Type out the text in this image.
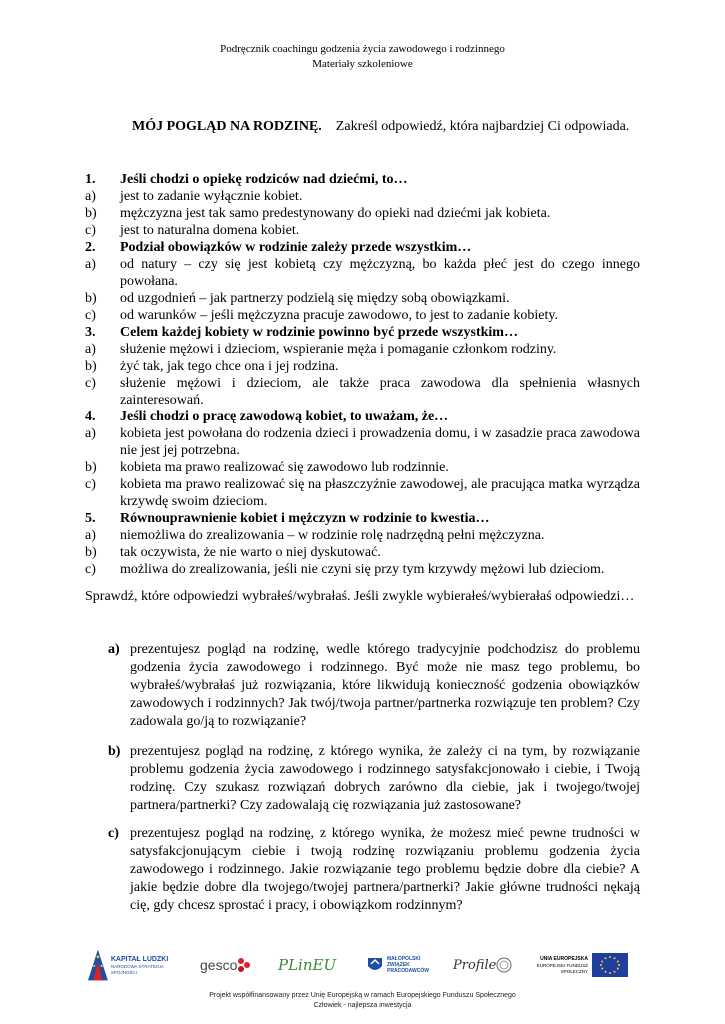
Podręcznik coachingu godzenia życia zawodowego i rodzinnego
Materiały szkoleniowe
MÓJ POGLĄD NA RODZINĘ. Zakreśl odpowiedź, która najbardziej Ci odpowiada.
1. Jeśli chodzi o opiekę rodziców nad dziećmi, to…
a) jest to zadanie wyłącznie kobiet.
b) mężczyzna jest tak samo predestynowany do opieki nad dziećmi jak kobieta.
c) jest to naturalna domena kobiet.
2. Podział obowiązków w rodzinie zależy przede wszystkim…
a) od natury – czy się jest kobietą czy mężczyzną, bo każda płeć jest do czego innego powołana.
b) od uzgodnień – jak partnerzy podzielą się między sobą obowiązkami.
c) od warunków – jeśli mężczyzna pracuje zawodowo, to jest to zadanie kobiety.
3. Celem każdej kobiety w rodzinie powinno być przede wszystkim…
a) służenie mężowi i dzieciom, wspieranie męża i pomaganie członkom rodziny.
b) żyć tak, jak tego chce ona i jej rodzina.
c) służenie mężowi i dzieciom, ale także praca zawodowa dla spełnienia własnych zainteresowań.
4. Jeśli chodzi o pracę zawodową kobiet, to uważam, że…
a) kobieta jest powołana do rodzenia dzieci i prowadzenia domu, i w zasadzie praca zawodowa nie jest jej potrzebna.
b) kobieta ma prawo realizować się zawodowo lub rodzinnie.
c) kobieta ma prawo realizować się na płaszczyźnie zawodowej, ale pracująca matka wyrządza krzywdę swoim dzieciom.
5. Równouprawnienie kobiet i mężczyzn w rodzinie to kwestia…
a) niemożliwa do zrealizowania – w rodzinie rolę nadrzędną pełni mężczyzna.
b) tak oczywista, że nie warto o niej dyskutować.
c) możliwa do zrealizowania, jeśli nie czyni się przy tym krzywdy mężowi lub dzieciom.
Sprawdź, które odpowiedzi wybrałeś/wybrałaś. Jeśli zwykle wybierałeś/wybierałaś odpowiedzi…
a) prezentujesz pogląd na rodzinę, wedle którego tradycyjnie podchodzisz do problemu godzenia życia zawodowego i rodzinnego. Być może nie masz tego problemu, bo wybrałeś/wybrałaś już rozwiązania, które likwidują konieczność godzenia obowiązków zawodowych i rodzinnych? Jak twój/twoja partner/partnerka rozwiązuje ten problem? Czy zadowala go/ją to rozwiązanie?
b) prezentujesz pogląd na rodzinę, z którego wynika, że zależy ci na tym, by rozwiązanie problemu godzenia życia zawodowego i rodzinnego satysfakcjonowało i ciebie, i Twoją rodzinę. Czy szukasz rozwiązań dobrych zarówno dla ciebie, jak i twojego/twojej partnera/partnerki? Czy zadowalają cię rozwiązania już zastosowane?
c) prezentujesz pogląd na rodzinę, z którego wynika, że możesz mieć pewne trudności w satysfakcjonującym ciebie i twoją rodzinę rozwiązaniu problemu godzenia życia zawodowego i rodzinnego. Jakie rozwiązanie tego problemu będzie dobre dla ciebie? A jakie będzie dobre dla twojego/twojej partnera/partnerki? Jakie główne trudności nękają cię, gdy chcesz sprostać i pracy, i obowiązkom rodzinnym?
KAPITAŁ LUDZKI
NARODOWA STRATEGIA SPÓJNOŚCI	gesco	PLinEU	MAŁOPOLSKI ZWIĄZEK PRACODAWCÓW	Profile	UNIA EUROPEJSKA
EUROPEJSKI FUNDUSZ SPOŁECZNY
Projekt współfinansowany przez Unię Europejską w ramach Europejskiego Funduszu Społecznego
Człowiek - najlepsza inwestycja
